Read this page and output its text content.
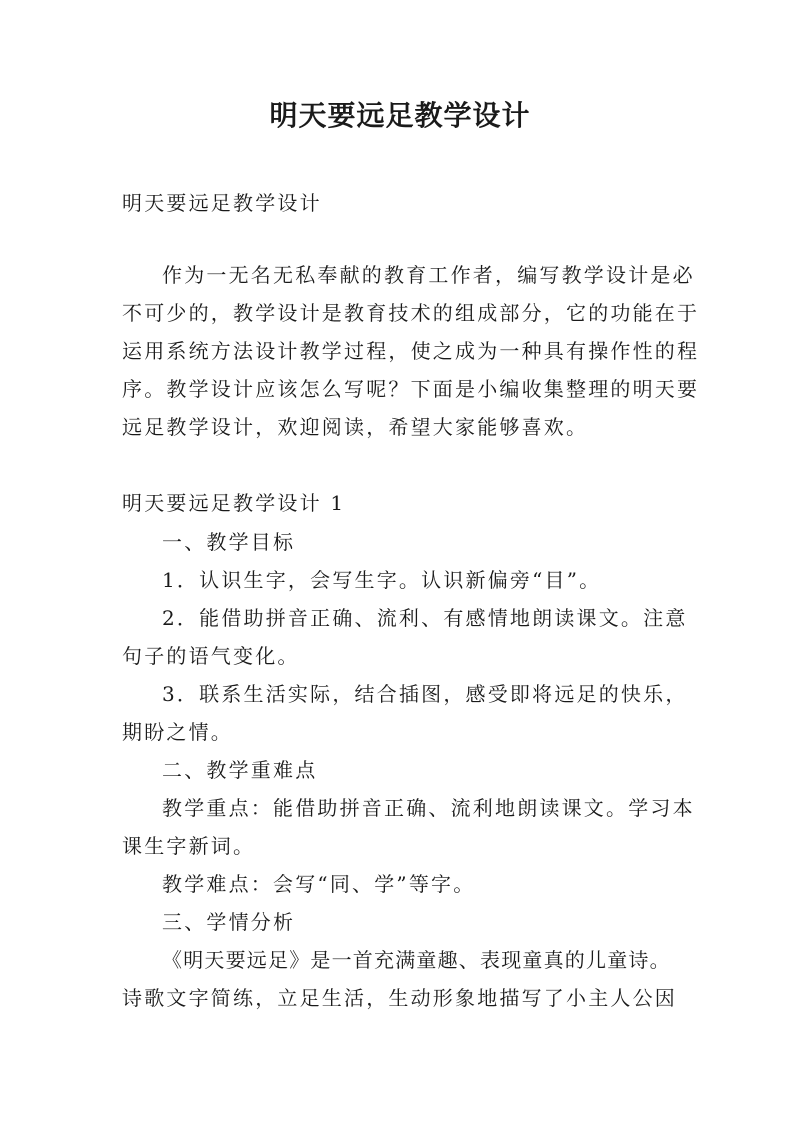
明天要远足教学设计
明天要远足教学设计
作为一无名无私奉献的教育工作者，编写教学设计是必
不可少的，教学设计是教育技术的组成部分，它的功能在于
运用系统方法设计教学过程，使之成为一种具有操作性的程
序。教学设计应该怎么写呢？下面是小编收集整理的明天要
远足教学设计，欢迎阅读，希望大家能够喜欢。
明天要远足教学设计 1
一、教学目标
1．认识生字，会写生字。认识新偏旁“目”。
2．能借助拼音正确、流利、有感情地朗读课文。注意
句子的语气变化。
3．联系生活实际，结合插图，感受即将远足的快乐，
期盼之情。
二、教学重难点
教学重点：能借助拼音正确、流利地朗读课文。学习本
课生字新词。
教学难点：会写“同、学”等字。
三、学情分析
《明天要远足》是一首充满童趣、表现童真的儿童诗。
诗歌文字简练，立足生活，生动形象地描写了小主人公因
